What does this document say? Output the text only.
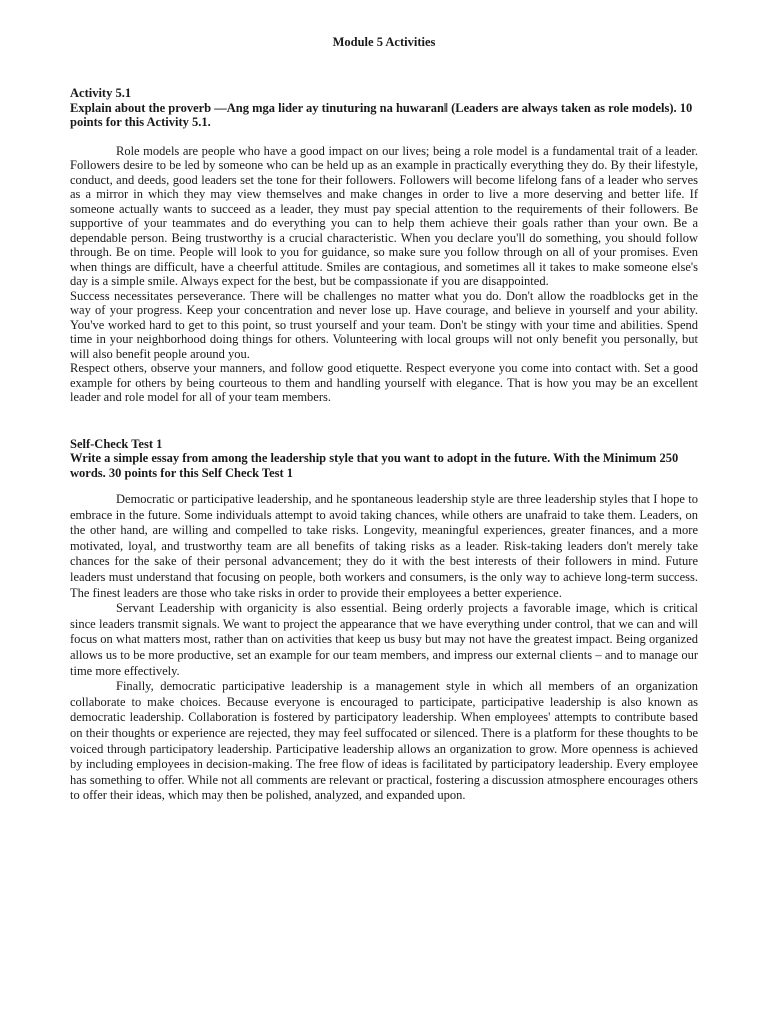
Module 5 Activities
Activity 5.1
Explain about the proverb —Ang mga lider ay tinuturing na huwaran‖ (Leaders are always taken as role models). 10 points for this Activity 5.1.

Role models are people who have a good impact on our lives; being a role model is a fundamental trait of a leader. Followers desire to be led by someone who can be held up as an example in practically everything they do. By their lifestyle, conduct, and deeds, good leaders set the tone for their followers. Followers will become lifelong fans of a leader who serves as a mirror in which they may view themselves and make changes in order to live a more deserving and better life. If someone actually wants to succeed as a leader, they must pay special attention to the requirements of their followers. Be supportive of your teammates and do everything you can to help them achieve their goals rather than your own. Be a dependable person. Being trustworthy is a crucial characteristic. When you declare you'll do something, you should follow through. Be on time. People will look to you for guidance, so make sure you follow through on all of your promises. Even when things are difficult, have a cheerful attitude. Smiles are contagious, and sometimes all it takes to make someone else's day is a simple smile. Always expect for the best, but be compassionate if you are disappointed.

Success necessitates perseverance. There will be challenges no matter what you do. Don't allow the roadblocks get in the way of your progress. Keep your concentration and never lose up. Have courage, and believe in yourself and your ability. You've worked hard to get to this point, so trust yourself and your team. Don't be stingy with your time and abilities. Spend time in your neighborhood doing things for others. Volunteering with local groups will not only benefit you personally, but will also benefit people around you.

Respect others, observe your manners, and follow good etiquette. Respect everyone you come into contact with. Set a good example for others by being courteous to them and handling yourself with elegance. That is how you may be an excellent leader and role model for all of your team members.

Self-Check Test 1
Write a simple essay from among the leadership style that you want to adopt in the future. With the Minimum 250 words. 30 points for this Self Check Test 1

Democratic or participative leadership, and he spontaneous leadership style are three leadership styles that I hope to embrace in the future. Some individuals attempt to avoid taking chances, while others are unafraid to take them. Leaders, on the other hand, are willing and compelled to take risks. Longevity, meaningful experiences, greater finances, and a more motivated, loyal, and trustworthy team are all benefits of taking risks as a leader. Risk-taking leaders don't merely take chances for the sake of their personal advancement; they do it with the best interests of their followers in mind. Future leaders must understand that focusing on people, both workers and consumers, is the only way to achieve long-term success. The finest leaders are those who take risks in order to provide their employees a better experience.

Servant Leadership with organicity is also essential. Being orderly projects a favorable image, which is critical since leaders transmit signals. We want to project the appearance that we have everything under control, that we can and will focus on what matters most, rather than on activities that keep us busy but may not have the greatest impact. Being organized allows us to be more productive, set an example for our team members, and impress our external clients – and to manage our time more effectively.

Finally, democratic participative leadership is a management style in which all members of an organization collaborate to make choices. Because everyone is encouraged to participate, participative leadership is also known as democratic leadership. Collaboration is fostered by participatory leadership. When employees' attempts to contribute based on their thoughts or experience are rejected, they may feel suffocated or silenced. There is a platform for these thoughts to be voiced through participatory leadership. Participative leadership allows an organization to grow. More openness is achieved by including employees in decision-making. The free flow of ideas is facilitated by participatory leadership. Every employee has something to offer. While not all comments are relevant or practical, fostering a discussion atmosphere encourages others to offer their ideas, which may then be polished, analyzed, and expanded upon.
